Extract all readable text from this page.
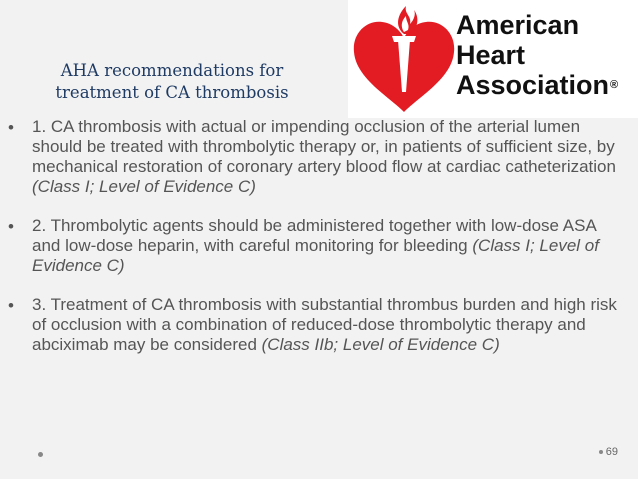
AHA recommendations for
treatment of CA thrombosis
American
Heart
Association®
• 1. CA thrombosis with actual or impending occlusion of the arterial lumen should be treated with thrombolytic therapy or, in patients of sufficient size, by mechanical restoration of coronary artery blood flow at cardiac catheterization (Class I; Level of Evidence C)
• 2. Thrombolytic agents should be administered together with low-dose ASA and low-dose heparin, with careful monitoring for bleeding (Class I; Level of Evidence C)
• 3. Treatment of CA thrombosis with substantial thrombus burden and high risk of occlusion with a combination of reduced-dose thrombolytic therapy and abciximab may be considered (Class IIb; Level of Evidence C)
69
